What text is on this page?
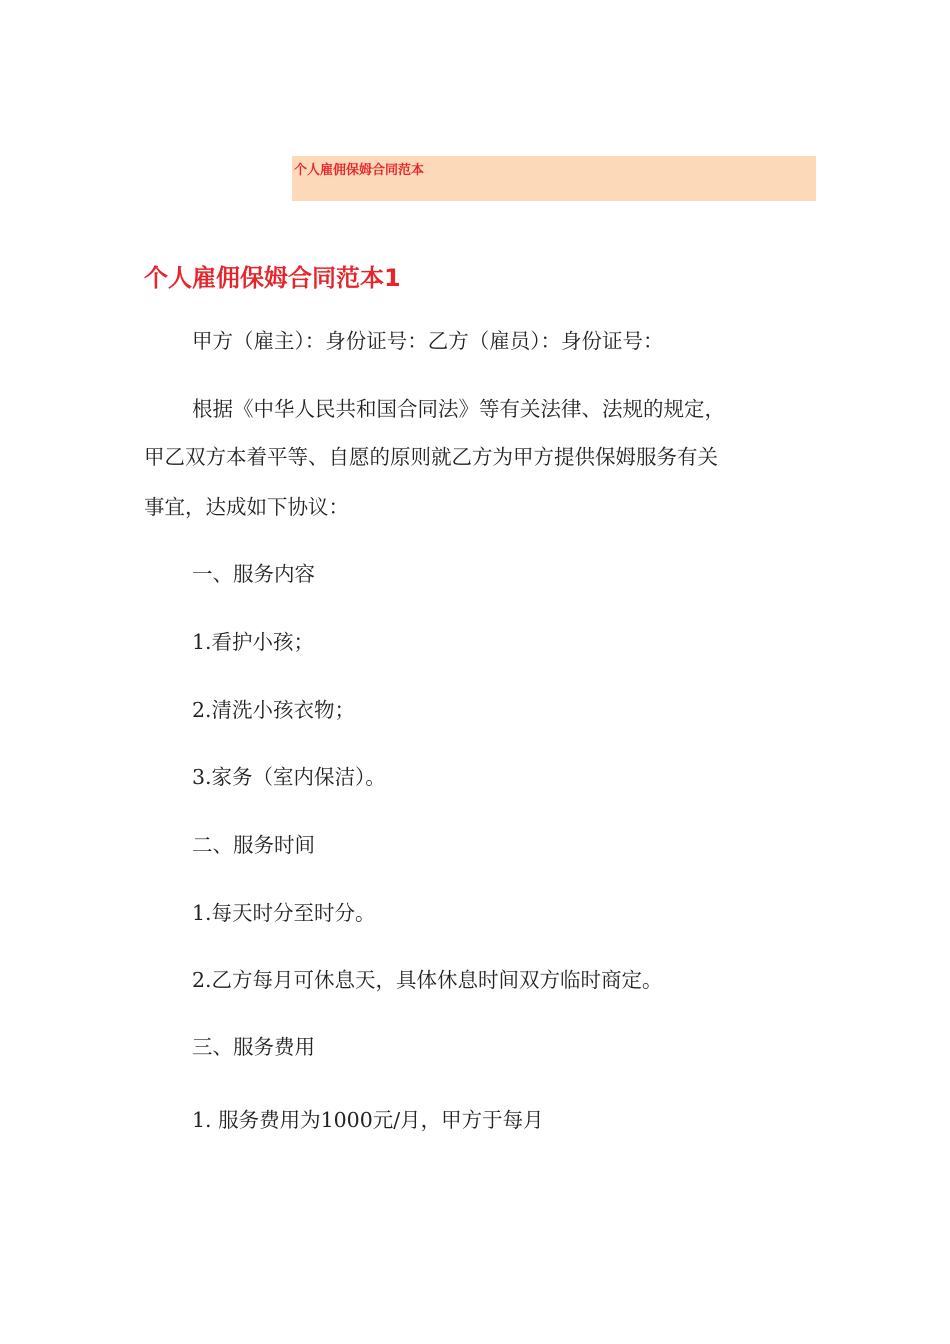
个人雇佣保姆合同范本
个人雇佣保姆合同范本1
甲方（雇主）：身份证号：乙方（雇员）：身份证号：
根据《中华人民共和国合同法》等有关法律、法规的规定，
甲乙双方本着平等、自愿的原则就乙方为甲方提供保姆服务有关
事宜，达成如下协议：
一、服务内容
1.看护小孩；
2.清洗小孩衣物；
3.家务（室内保洁）。
二、服务时间
1.每天时分至时分。
2.乙方每月可休息天，具体休息时间双方临时商定。
三、服务费用
1. 服务费用为1000元/月，甲方于每月
